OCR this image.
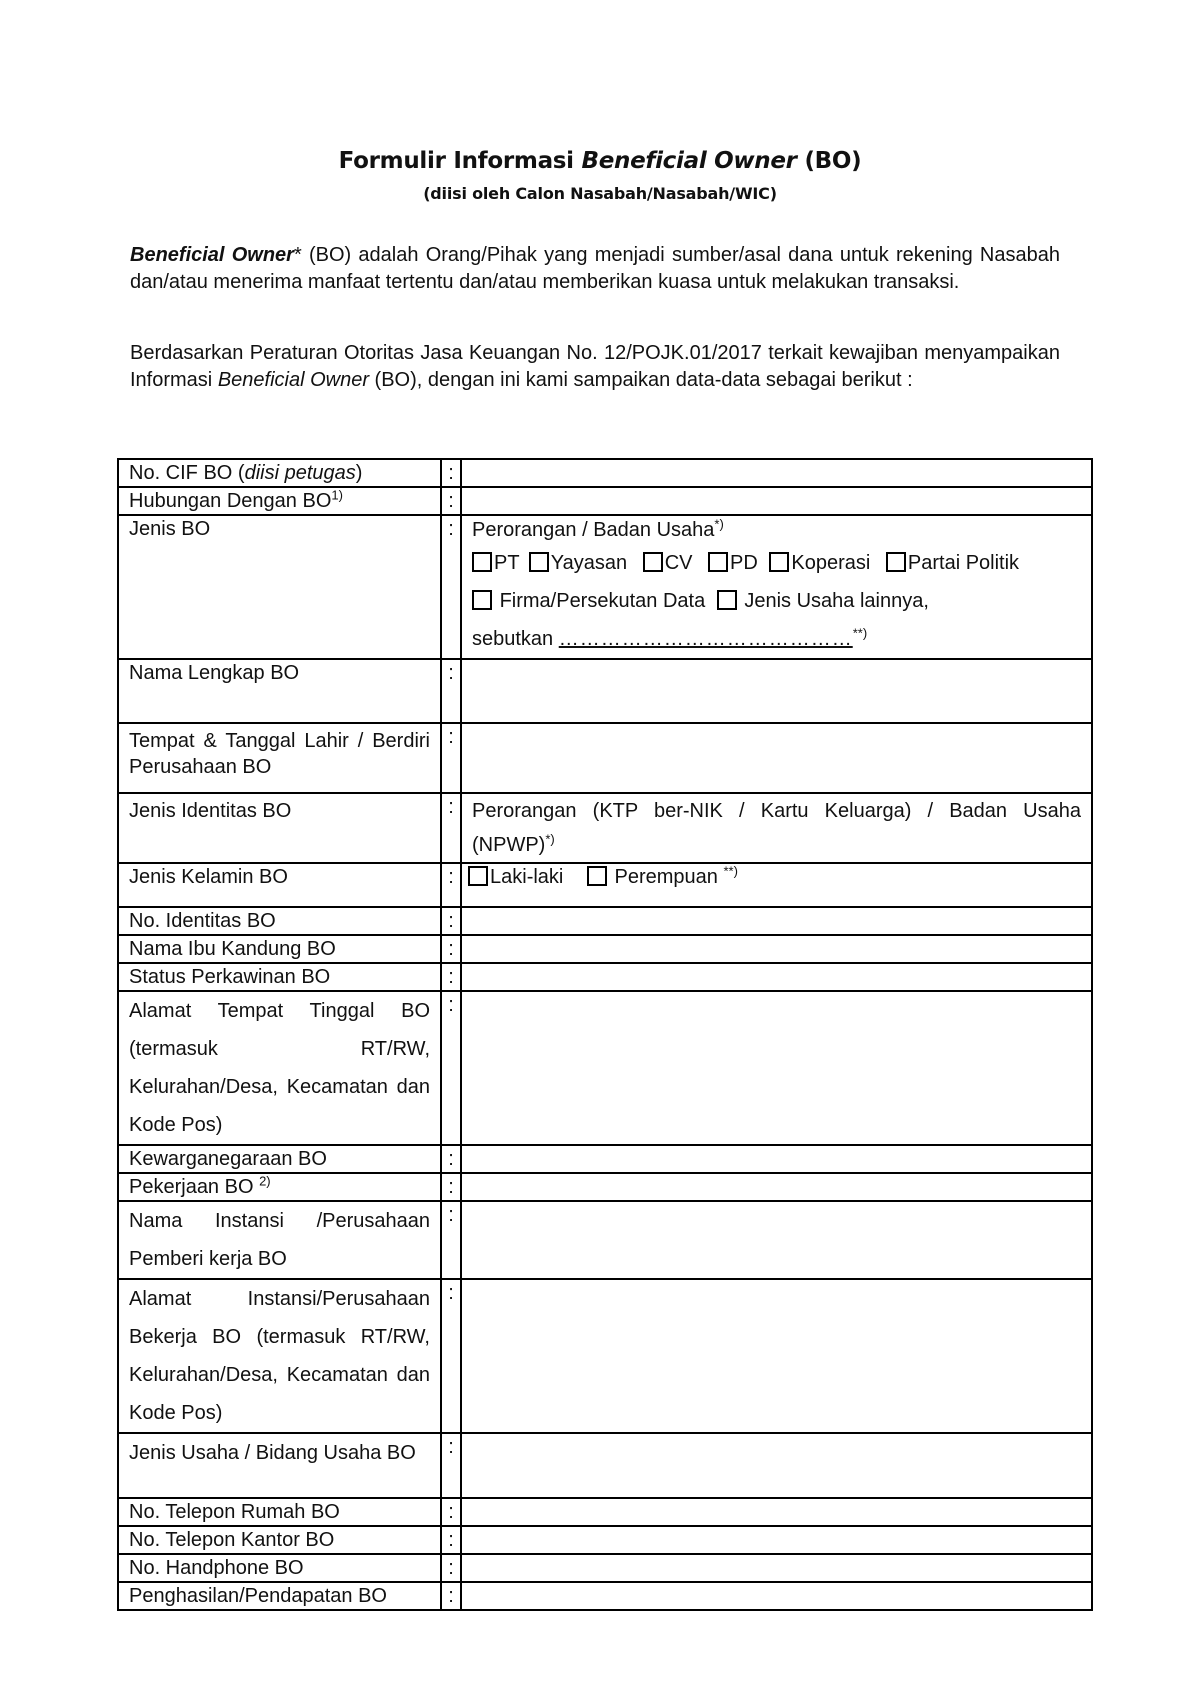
Formulir Informasi Beneficial Owner (BO)
(diisi oleh Calon Nasabah/Nasabah/WIC)
Beneficial Owner* (BO) adalah Orang/Pihak yang menjadi sumber/asal dana untuk rekening Nasabah dan/atau menerima manfaat tertentu dan/atau memberikan kuasa untuk melakukan transaksi.
Berdasarkan Peraturan Otoritas Jasa Keuangan No. 12/POJK.01/2017 terkait kewajiban menyampaikan Informasi Beneficial Owner (BO), dengan ini kami sampaikan data-data sebagai berikut :
No. CIF BO (diisi petugas)	:	
Hubungan Dengan BO$^{1)}$	:	
Jenis BO	:	Perorangan / Badan Usaha*)
PT Yayasan CV PD Koperasi Partai Politik
Firma/Persekutan Data Jenis Usaha lainnya,
sebutkan ……………………………………**)

Nama Lengkap BO	:	
Tempat & Tanggal Lahir / Berdiri Perusahaan BO	:	
Jenis Identitas BO	:	Perorangan (KTP ber-NIK / Kartu Keluarga) / Badan Usaha (NPWP)*)
Jenis Kelamin BO	:	Laki-laki Perempuan **)
No. Identitas BO	:	
Nama Ibu Kandung BO	:	
Status Perkawinan BO	:	
Alamat Tempat Tinggal BO (termasuk RT/RW, Kelurahan/Desa, Kecamatan dan Kode Pos)	:	
Kewarganegaraan BO	:	
Pekerjaan BO $^{2)}$	:	
Nama Instansi /Perusahaan Pemberi kerja BO	:	
Alamat Instansi/Perusahaan Bekerja BO (termasuk RT/RW, Kelurahan/Desa, Kecamatan dan Kode Pos)	:	
Jenis Usaha / Bidang Usaha BO	:	
No. Telepon Rumah BO	:	
No. Telepon Kantor BO	:	
No. Handphone BO	:	
Penghasilan/Pendapatan BO	:	
